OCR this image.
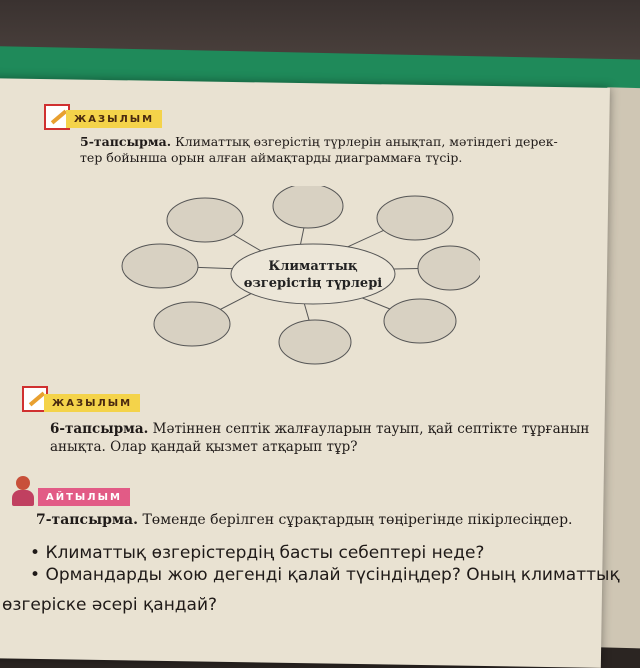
ЖАЗЫЛЫМ
5-тапсырма. Климаттық өзгерістің түрлерін анықтап, мәтіндегі дерек-
тер бойынша орын алған аймақтарды диаграммаға түсір.
Климаттық
өзгерістің түрлері
ЖАЗЫЛЫМ
6-тапсырма. Мәтіннен септік жалғауларын тауып, қай септікте тұрғанын
анықта. Олар қандай қызмет атқарып тұр?
АЙТЫЛЫМ
7-тапсырма. Төменде берілген сұрақтардың төңірегінде пікірлесіңдер.
• Климаттық өзгерістердің басты себептері неде?
• Ормандарды жою дегенді қалай түсіндіңдер? Оның климаттық
өзгеріске әсері қандай?
